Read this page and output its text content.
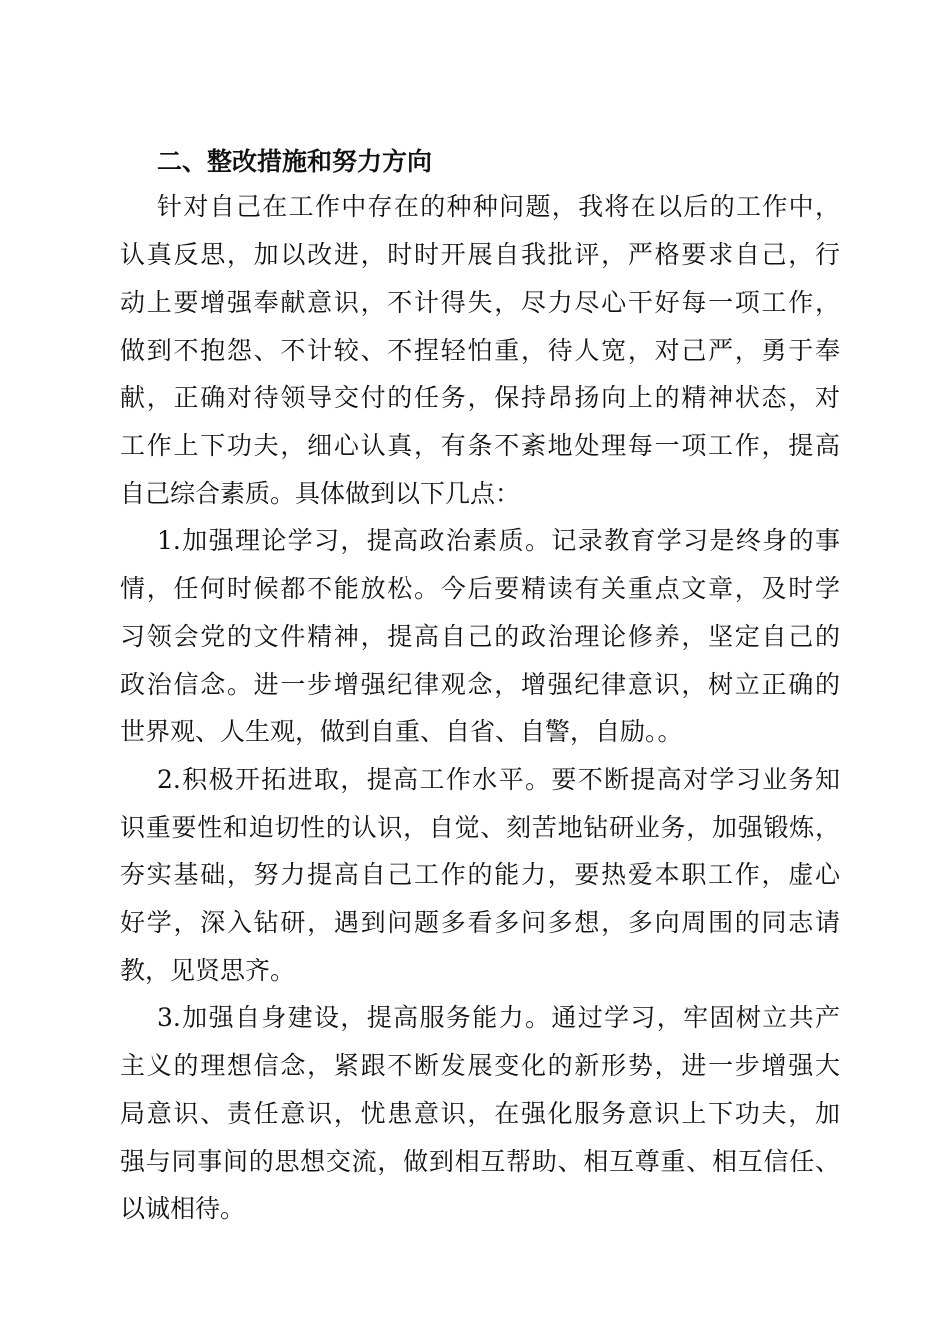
二、整改措施和努力方向
针对自己在工作中存在的种种问题，我将在以后的工作中，
认真反思，加以改进，时时开展自我批评，严格要求自己，行
动上要增强奉献意识，不计得失，尽力尽心干好每一项工作，
做到不抱怨、不计较、不捏轻怕重，待人宽，对己严，勇于奉
献，正确对待领导交付的任务，保持昂扬向上的精神状态，对
工作上下功夫，细心认真，有条不紊地处理每一项工作，提高
自己综合素质。具体做到以下几点：
1.加强理论学习，提高政治素质。记录教育学习是终身的事
情，任何时候都不能放松。今后要精读有关重点文章，及时学
习领会党的文件精神，提高自己的政治理论修养，坚定自己的
政治信念。进一步增强纪律观念，增强纪律意识，树立正确的
世界观、人生观，做到自重、自省、自警，自励。。
2.积极开拓进取，提高工作水平。要不断提高对学习业务知
识重要性和迫切性的认识，自觉、刻苦地钻研业务，加强锻炼，
夯实基础，努力提高自己工作的能力，要热爱本职工作，虚心
好学，深入钻研，遇到问题多看多问多想，多向周围的同志请
教，见贤思齐。
3.加强自身建设，提高服务能力。通过学习，牢固树立共产
主义的理想信念，紧跟不断发展变化的新形势，进一步增强大
局意识、责任意识，忧患意识，在强化服务意识上下功夫，加
强与同事间的思想交流，做到相互帮助、相互尊重、相互信任、
以诚相待。
